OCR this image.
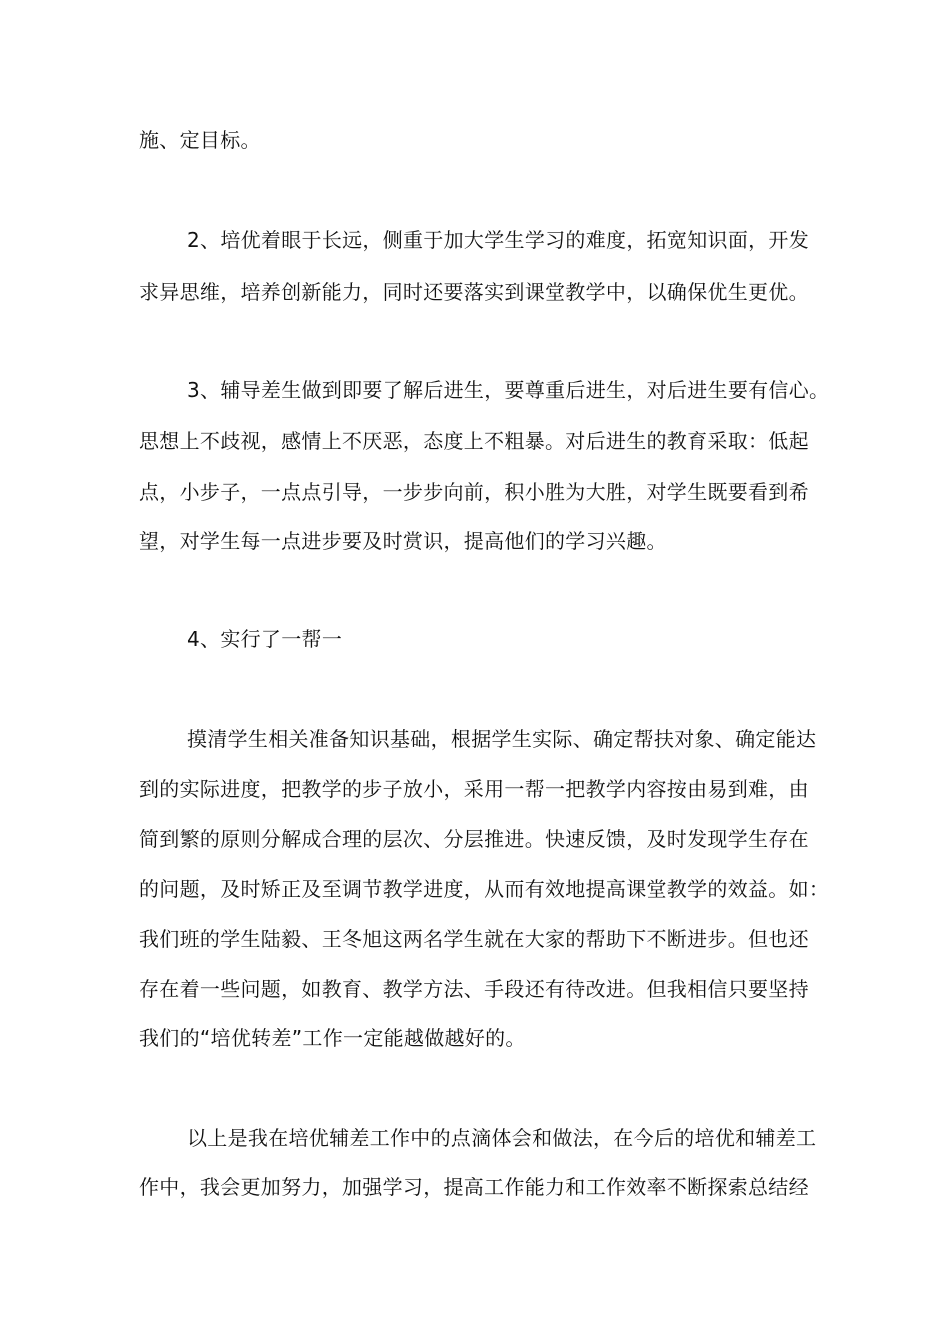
施、定目标。
2、培优着眼于长远，侧重于加大学生学习的难度，拓宽知识面，开发
求异思维，培养创新能力，同时还要落实到课堂教学中，以确保优生更优。
3、辅导差生做到即要了解后进生，要尊重后进生，对后进生要有信心。
思想上不歧视，感情上不厌恶，态度上不粗暴。对后进生的教育采取：低起
点，小步子，一点点引导，一步步向前，积小胜为大胜，对学生既要看到希
望，对学生每一点进步要及时赏识，提高他们的学习兴趣。
4、实行了一帮一
摸清学生相关准备知识基础，根据学生实际、确定帮扶对象、确定能达
到的实际进度，把教学的步子放小，采用一帮一把教学内容按由易到难，由
简到繁的原则分解成合理的层次、分层推进。快速反馈，及时发现学生存在
的问题，及时矫正及至调节教学进度，从而有效地提高课堂教学的效益。如：
我们班的学生陆毅、王冬旭这两名学生就在大家的帮助下不断进步。但也还
存在着一些问题，如教育、教学方法、手段还有待改进。但我相信只要坚持
我们的“培优转差”工作一定能越做越好的。
以上是我在培优辅差工作中的点滴体会和做法，在今后的培优和辅差工
作中，我会更加努力，加强学习，提高工作能力和工作效率不断探索总结经
